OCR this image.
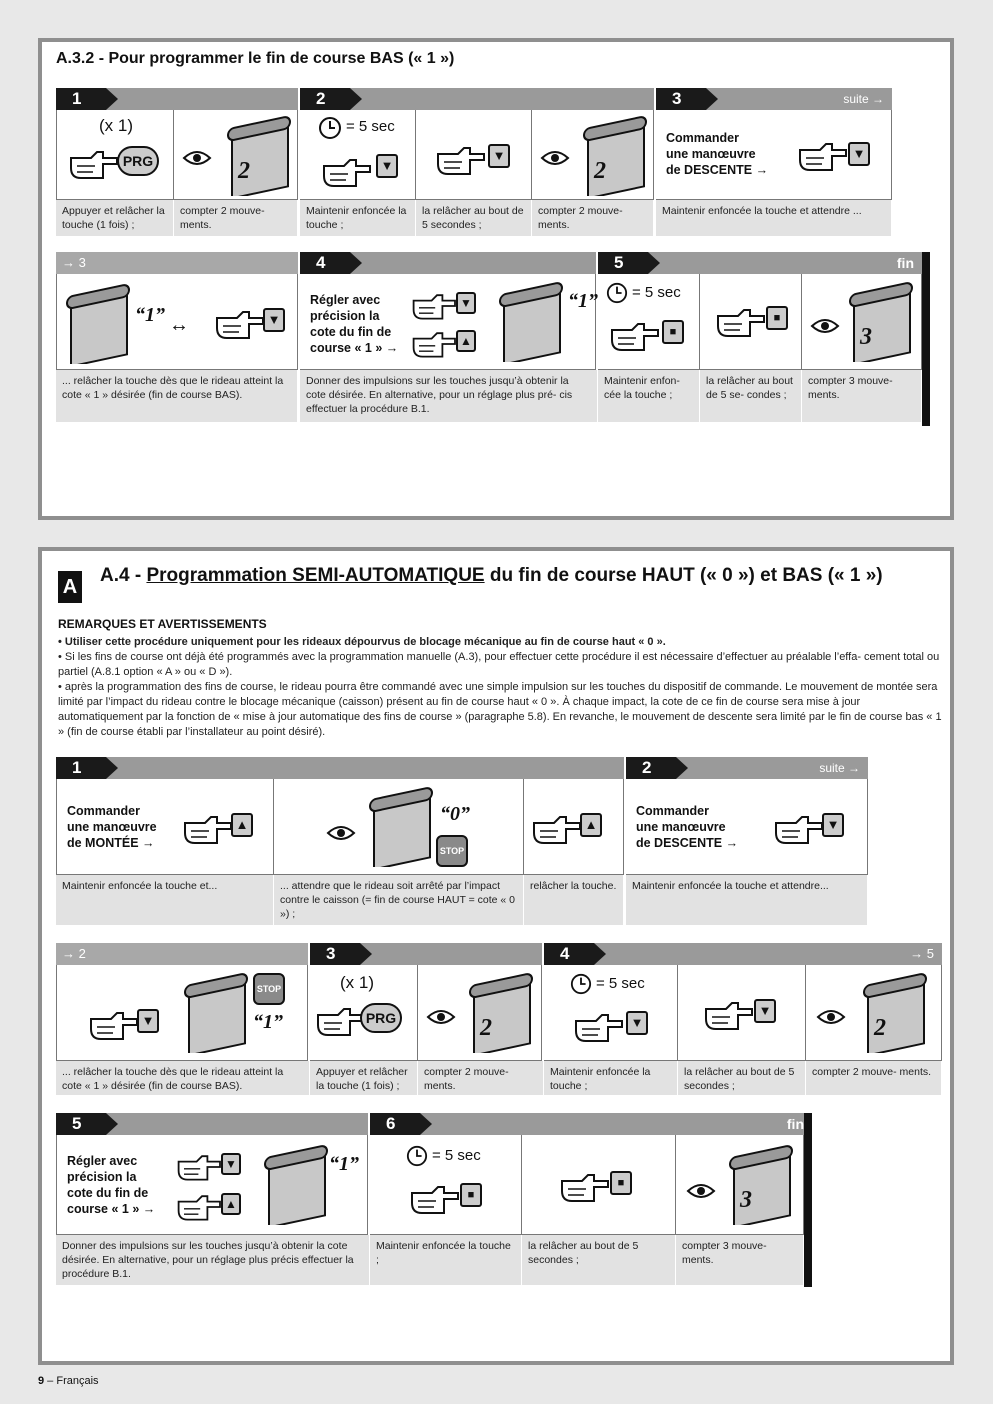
A.3.2 - Pour programmer le fin de course BAS (« 1 »)
1	2	3	suite →
(x 1)
PRG	2
= 5 sec
▼
▼
2
Commander
une manœuvre
de DESCENTE →
▼
Appuyer et relâcher la touche (1 fois) ;
compter 2 mouve- ments.
Maintenir enfoncée la touche ;
la relâcher au bout de 5 secondes ;
compter 2 mouve- ments.
Maintenir enfoncée la touche et attendre ...
→ 3	4	5	fin
“1” ↔	▼
Régler avec
précision la
cote du fin de
course « 1 » →
▼
▲
“1” = 5 sec
■
■
3
... relâcher la touche dès que le rideau atteint la cote « 1 » désirée (fin de course BAS).
Donner des impulsions sur les touches jusqu’à obtenir la cote désirée. En alternative, pour un réglage plus pré- cis effectuer la procédure B.1.
Maintenir enfon- cée la touche ;
la relâcher au bout de 5 se- condes ;
compter 3 mouve- ments.
A
A.4 - Programmation SEMI-AUTOMATIQUE du fin de course HAUT (« 0 ») et BAS (« 1 »)
REMARQUES ET AVERTISSEMENTS

• Utiliser cette procédure uniquement pour les rideaux dépourvus de blocage mécanique au fin de course haut « 0 ».

• Si les fins de course ont déjà été programmés avec la programmation manuelle (A.3), pour effectuer cette procédure il est nécessaire d’effectuer au préalable l’effa- cement total ou partiel (A.8.1 option « A » ou « D »).

• après la programmation des fins de course, le rideau pourra être commandé avec une simple impulsion sur les touches du dispositif de commande. Le mouvement de montée sera limité par l’impact du rideau contre le blocage mécanique (caisson) présent au fin de course haut « 0 ». À chaque impact, la cote de ce fin de course sera mise à jour automatiquement par la fonction de « mise à jour automatique des fins de course » (paragraphe 5.8). En revanche, le mouvement de descente sera limité par le fin de course bas « 1 » (fin de course établi par l’installateur au point désiré).

1	2	suite →
Commander
une manœuvre
de MONTÉE →
▲	“0”
STOP
▲
Commander
une manœuvre
de DESCENTE →
▼
Maintenir enfoncée la touche et...	... attendre que le rideau soit arrêté par l’impact contre le caisson (= fin de course HAUT = cote « 0 ») ;
relâcher la touche.	Maintenir enfoncée la touche et attendre...
→ 2	3	4	→ 5
▼
STOP
“1”
(x 1)
PRG	2
= 5 sec
▼
▼
2
... relâcher la touche dès que le rideau atteint la cote « 1 » désirée (fin de course BAS).
Appuyer et relâcher la touche (1 fois) ;
compter 2 mouve- ments.
Maintenir enfoncée la touche ;
la relâcher au bout de 5 secondes ;
compter 2 mouve- ments.
5	6	fin
Régler avec
précision la
cote du fin de
course « 1 » →
▼
▲
“1”	= 5 sec
■
■
3
Donner des impulsions sur les touches jusqu’à obtenir la cote désirée. En alternative, pour un réglage plus précis effectuer la procédure B.1.
Maintenir enfoncée la touche ;
la relâcher au bout de 5 secondes ;
compter 3 mouve- ments.
9 – Français
